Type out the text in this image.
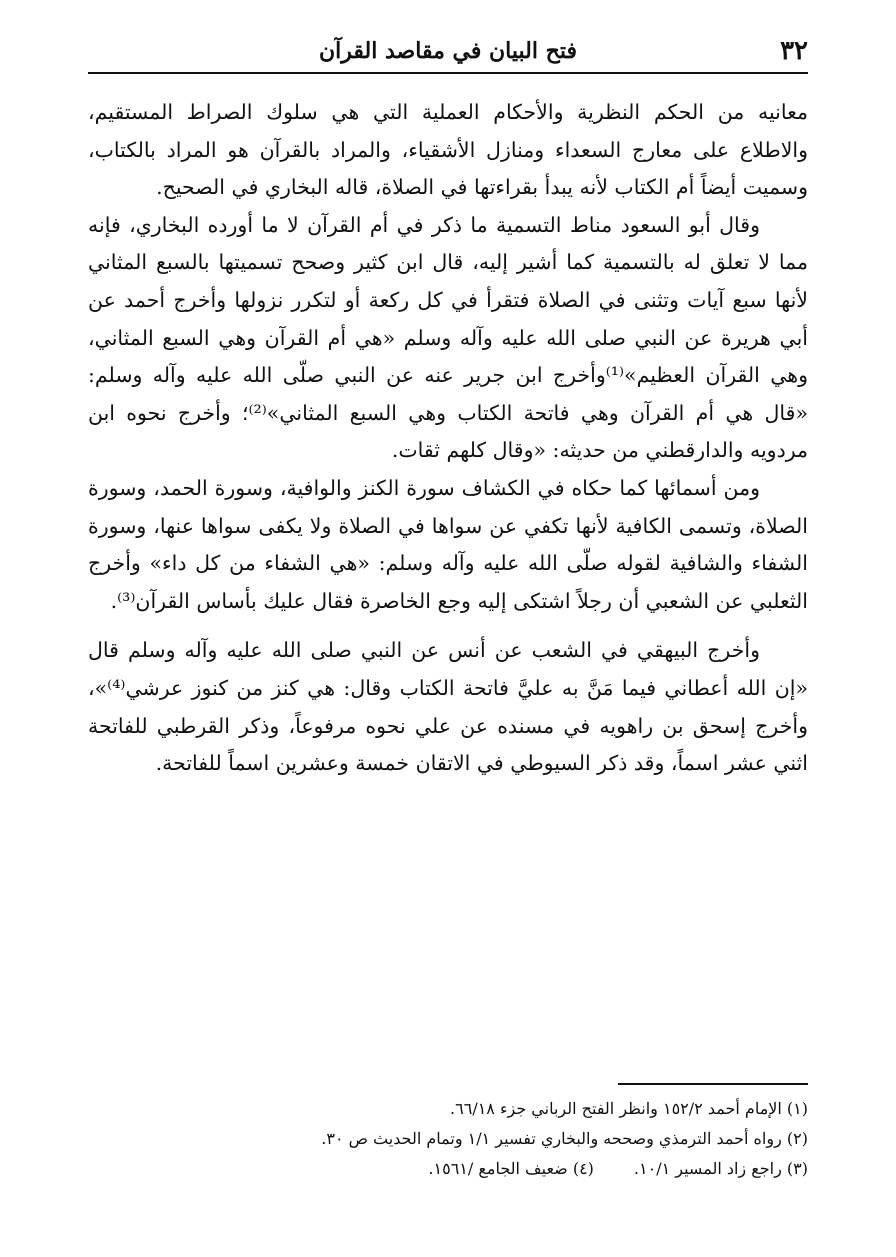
٣٢
فتح البيان في مقاصد القرآن

معانيه من الحكم النظرية والأحكام العملية التي هي سلوك الصراط المستقيم، والاطلاع على معارج السعداء ومنازل الأشقياء، والمراد بالقرآن هو المراد بالكتاب، وسميت أيضاً أم الكتاب لأنه يبدأ بقراءتها في الصلاة، قاله البخاري في الصحيح.

وقال أبو السعود مناط التسمية ما ذكر في أم القرآن لا ما أورده البخاري، فإنه مما لا تعلق له بالتسمية كما أشير إليه، قال ابن كثير وصحح تسميتها بالسبع المثاني لأنها سبع آيات وتثنى في الصلاة فتقرأ في كل ركعة أو لتكرر نزولها وأخرج أحمد عن أبي هريرة عن النبي صلى الله عليه وآله وسلم «هي أم القرآن وهي السبع المثاني، وهي القرآن العظيم»⁽¹⁾وأخرج ابن جرير عنه عن النبي صلّى الله عليه وآله وسلم: «قال هي أم القرآن وهي فاتحة الكتاب وهي السبع المثاني»⁽²⁾؛ وأخرج نحوه ابن مردويه والدارقطني من حديثه: «وقال كلهم ثقات.

ومن أسمائها كما حكاه في الكشاف سورة الكنز والوافية، وسورة الحمد، وسورة الصلاة، وتسمى الكافية لأنها تكفي عن سواها في الصلاة ولا يكفى سواها عنها، وسورة الشفاء والشافية لقوله صلّى الله عليه وآله وسلم: «هي الشفاء من كل داء» وأخرج الثعلبي عن الشعبي أن رجلاً اشتكى إليه وجع الخاصرة فقال عليك بأساس القرآن⁽³⁾.

وأخرج البيهقي في الشعب عن أنس عن النبي صلى الله عليه وآله وسلم قال «إن الله أعطاني فيما مَنَّ به عليَّ فاتحة الكتاب وقال: هي كنز من كنوز عرشي⁽⁴⁾»، وأخرج إسحق بن راهويه في مسنده عن علي نحوه مرفوعاً، وذكر القرطبي للفاتحة اثني عشر اسماً، وقد ذكر السيوطي في الاتقان خمسة وعشرين اسماً للفاتحة.

(١) الإمام أحمد ١٥٢/٢ وانظر الفتح الرباني جزء ٦٦/١٨.

(٢) رواه أحمد الترمذي وصححه والبخاري تفسير ١/١ وتمام الحديث ص ٣٠.

(٣) راجع زاد المسير ١٠/١.(٤) ضعيف الجامع /١٥٦١.
